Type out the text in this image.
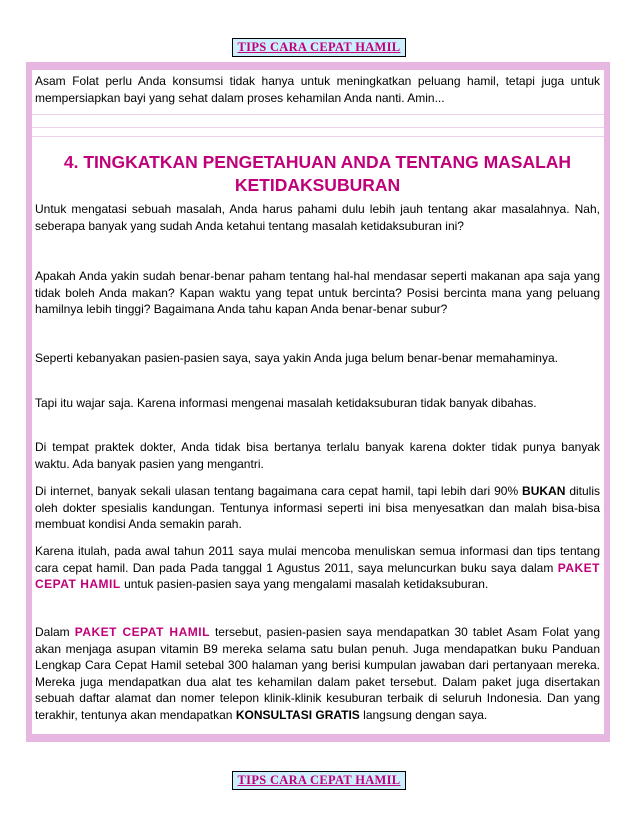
TIPS CARA CEPAT HAMIL

Asam Folat perlu Anda konsumsi tidak hanya untuk meningkatkan peluang hamil, tetapi juga untuk mempersiapkan bayi yang sehat dalam proses kehamilan Anda nanti. Amin...

4. TINGKATKAN PENGETAHUAN ANDA TENTANG MASALAH
KETIDAKSUBURAN

Untuk mengatasi sebuah masalah, Anda harus pahami dulu lebih jauh tentang akar masalahnya. Nah, seberapa banyak yang sudah Anda ketahui tentang masalah ketidaksuburan ini?

Apakah Anda yakin sudah benar-benar paham tentang hal-hal mendasar seperti makanan apa saja yang tidak boleh Anda makan? Kapan waktu yang tepat untuk bercinta? Posisi bercinta mana yang peluang hamilnya lebih tinggi? Bagaimana Anda tahu kapan Anda benar-benar subur?

Seperti kebanyakan pasien-pasien saya, saya yakin Anda juga belum benar-benar memahaminya.

Tapi itu wajar saja. Karena informasi mengenai masalah ketidaksuburan tidak banyak dibahas.

Di tempat praktek dokter, Anda tidak bisa bertanya terlalu banyak karena dokter tidak punya banyak waktu. Ada banyak pasien yang mengantri.

Di internet, banyak sekali ulasan tentang bagaimana cara cepat hamil, tapi lebih dari 90% BUKAN ditulis oleh dokter spesialis kandungan. Tentunya informasi seperti ini bisa menyesatkan dan malah bisa-bisa membuat kondisi Anda semakin parah.

Karena itulah, pada awal tahun 2011 saya mulai mencoba menuliskan semua informasi dan tips tentang cara cepat hamil. Dan pada Pada tanggal 1 Agustus 2011, saya meluncurkan buku saya dalam PAKET CEPAT HAMIL untuk pasien-pasien saya yang mengalami masalah ketidaksuburan.

Dalam PAKET CEPAT HAMIL tersebut, pasien-pasien saya mendapatkan 30 tablet Asam Folat yang akan menjaga asupan vitamin B9 mereka selama satu bulan penuh. Juga mendapatkan buku Panduan Lengkap Cara Cepat Hamil setebal 300 halaman yang berisi kumpulan jawaban dari pertanyaan mereka. Mereka juga mendapatkan dua alat tes kehamilan dalam paket tersebut. Dalam paket juga disertakan sebuah daftar alamat dan nomer telepon klinik-klinik kesuburan terbaik di seluruh Indonesia. Dan yang terakhir, tentunya akan mendapatkan KONSULTASI GRATIS langsung dengan saya.

TIPS CARA CEPAT HAMIL
